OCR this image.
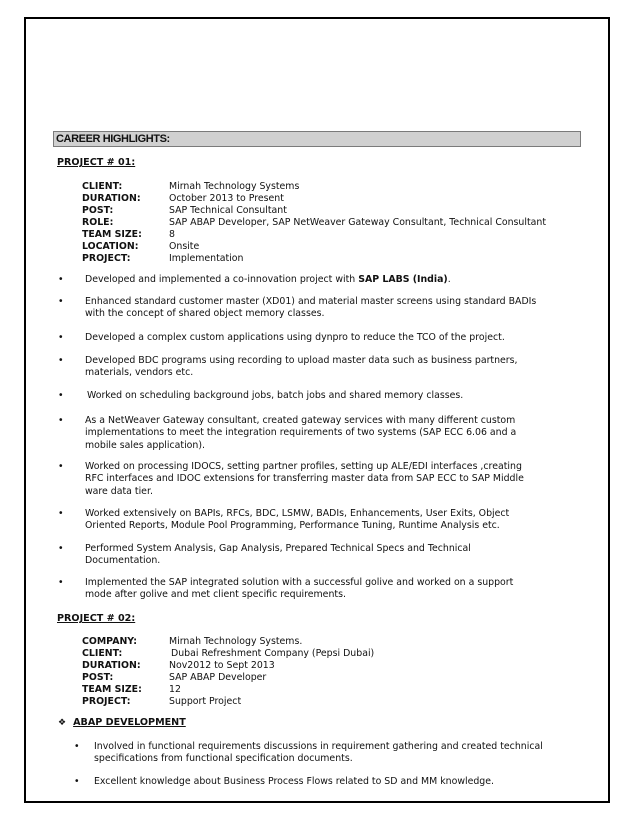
CAREER HIGHLIGHTS:
PROJECT # 01:
CLIENT:	Mirnah Technology Systems
DURATION:	October 2013 to Present
POST:	SAP Technical Consultant
ROLE:	SAP ABAP Developer, SAP NetWeaver Gateway Consultant, Technical Consultant
TEAM SIZE:	8
LOCATION:	Onsite
PROJECT:	Implementation
• Developed and implemented a co-innovation project with SAP LABS (India).
• Enhanced standard customer master (XD01) and material master screens using standard BADIs
with the concept of shared object memory classes.
• Developed a complex custom applications using dynpro to reduce the TCO of the project.
• Developed BDC programs using recording to upload master data such as business partners,
materials, vendors etc.
• Worked on scheduling background jobs, batch jobs and shared memory classes.
• As a NetWeaver Gateway consultant, created gateway services with many different custom
implementations to meet the integration requirements of two systems (SAP ECC 6.06 and a
mobile sales application).
• Worked on processing IDOCS, setting partner profiles, setting up ALE/EDI interfaces ,creating
RFC interfaces and IDOC extensions for transferring master data from SAP ECC to SAP Middle
ware data tier.
• Worked extensively on BAPIs, RFCs, BDC, LSMW, BADIs, Enhancements, User Exits, Object
Oriented Reports, Module Pool Programming, Performance Tuning, Runtime Analysis etc.
• Performed System Analysis, Gap Analysis, Prepared Technical Specs and Technical
Documentation.
• Implemented the SAP integrated solution with a successful golive and worked on a support
mode after golive and met client specific requirements.
PROJECT # 02:
COMPANY:	Mirnah Technology Systems.
CLIENT:	Dubai Refreshment Company (Pepsi Dubai)
DURATION:	Nov2012 to Sept 2013
POST:	SAP ABAP Developer
TEAM SIZE:	12
PROJECT:	Support Project
❖ ABAP DEVELOPMENT
• Involved in functional requirements discussions in requirement gathering and created technical
specifications from functional specification documents.
• Excellent knowledge about Business Process Flows related to SD and MM knowledge.
